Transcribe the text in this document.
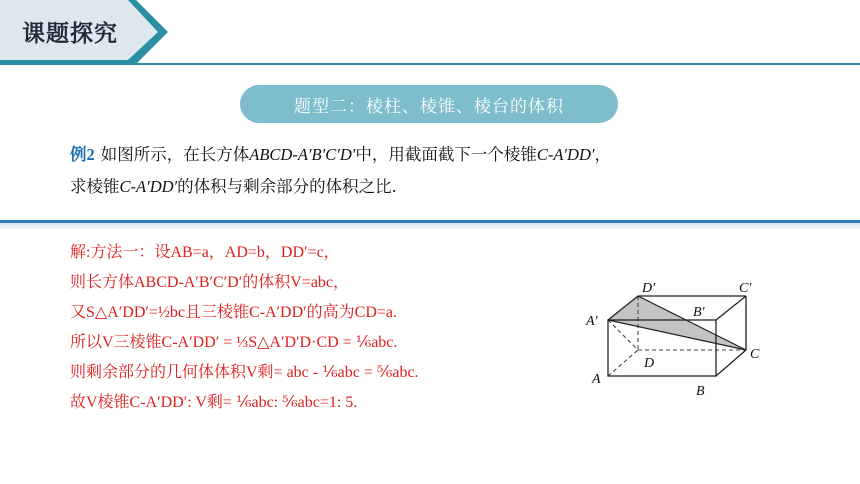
课题探究
题型二：棱柱、棱锥、棱台的体积
例2 如图所示，在长方体ABCD-A′B′C′D′中，用截面截下一个棱锥C-A′DD′，
求棱锥C-A′DD′的体积与剩余部分的体积之比.
解:方法一：设AB=a，AD=b，DD′=c，
则长方体ABCD-A′B′C′D′的体积V=abc，
又S△A′DD′=½bc且三棱锥C-A′DD′的高为CD=a.
所以V三棱锥C-A′DD′ = ⅓S△A′D′D·CD = ⅙abc.
则剩余部分的几何体体积V剩= abc - ⅙abc = ⅚abc.
故V棱锥C-A′DD′: V剩= ⅙abc: ⅚abc=1: 5.
A′
D′	C′
B′
A
B
C
D
